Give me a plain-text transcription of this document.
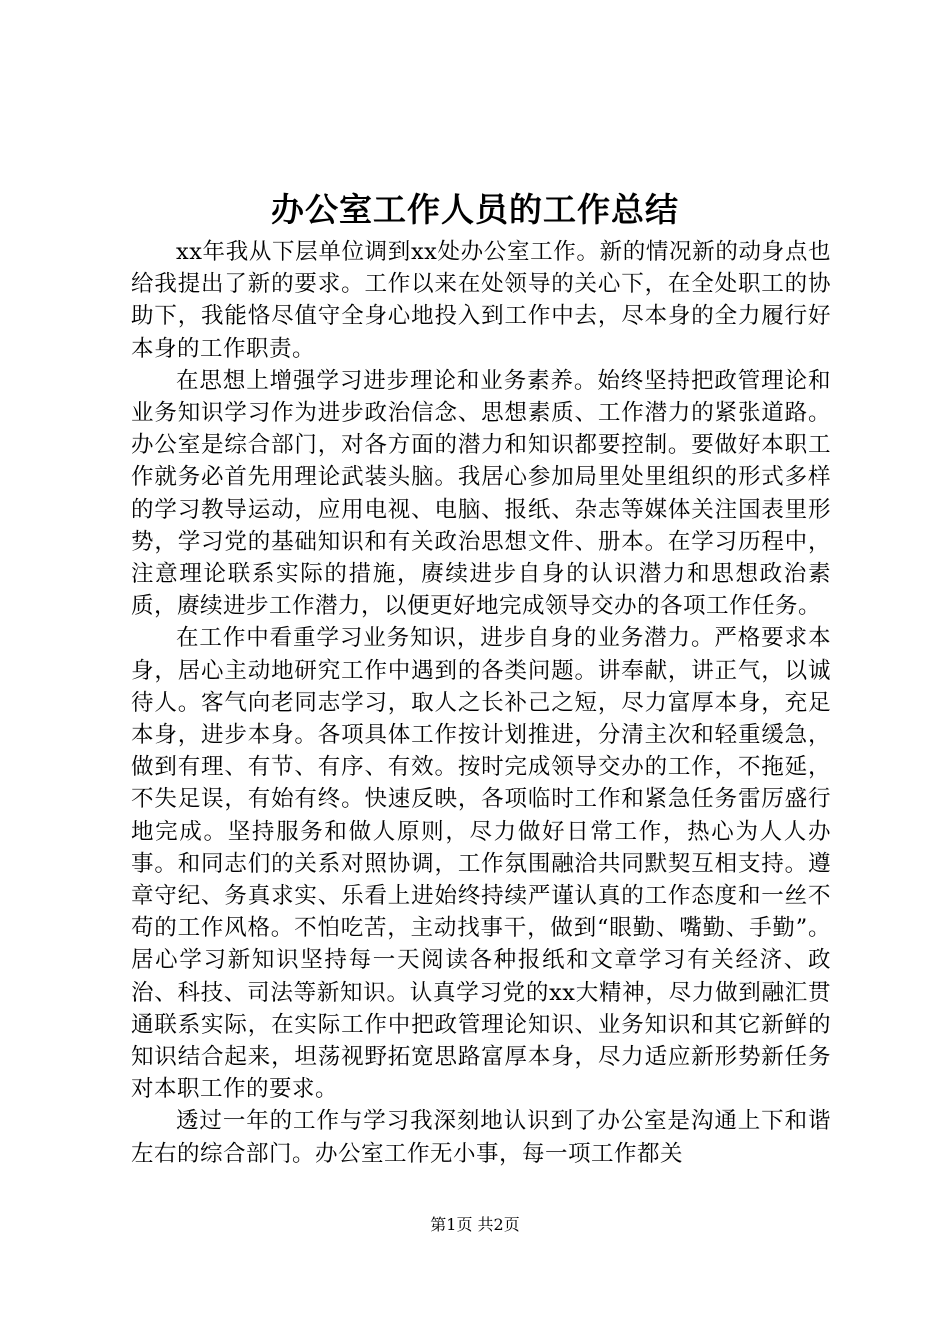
办公室工作人员的工作总结

xx年我从下层单位调到xx处办公室工作。新的情况新的动身点也给我提出了新的要求。工作以来在处领导的关心下，在全处职工的协助下，我能恪尽值守全身心地投入到工作中去，尽本身的全力履行好本身的工作职责。

在思想上增强学习进步理论和业务素养。始终坚持把政管理论和业务知识学习作为进步政治信念、思想素质、工作潜力的紧张道路。办公室是综合部门，对各方面的潜力和知识都要控制。要做好本职工作就务必首先用理论武装头脑。我居心参加局里处里组织的形式多样的学习教导运动，应用电视、电脑、报纸、杂志等媒体关注国表里形势，学习党的基础知识和有关政治思想文件、册本。在学习历程中，注意理论联系实际的措施，赓续进步自身的认识潜力和思想政治素质，赓续进步工作潜力，以便更好地完成领导交办的各项工作任务。

在工作中看重学习业务知识，进步自身的业务潜力。严格要求本身，居心主动地研究工作中遇到的各类问题。讲奉献，讲正气，以诚待人。客气向老同志学习，取人之长补己之短，尽力富厚本身，充足本身，进步本身。各项具体工作按计划推进，分清主次和轻重缓急，做到有理、有节、有序、有效。按时完成领导交办的工作，不拖延，不失足误，有始有终。快速反映，各项临时工作和紧急任务雷厉盛行地完成。坚持服务和做人原则，尽力做好日常工作，热心为人人办事。和同志们的关系对照协调，工作氛围融洽共同默契互相支持。遵章守纪、务真求实、乐看上进始终持续严谨认真的工作态度和一丝不苟的工作风格。不怕吃苦，主动找事干，做到“眼勤、嘴勤、手勤”。居心学习新知识坚持每一天阅读各种报纸和文章学习有关经济、政治、科技、司法等新知识。认真学习党的xx大精神，尽力做到融汇贯通联系实际，在实际工作中把政管理论知识、业务知识和其它新鲜的知识结合起来，坦荡视野拓宽思路富厚本身，尽力适应新形势新任务对本职工作的要求。

透过一年的工作与学习我深刻地认识到了办公室是沟通上下和谐左右的综合部门。办公室工作无小事，每一项工作都关

第1页 共2页
